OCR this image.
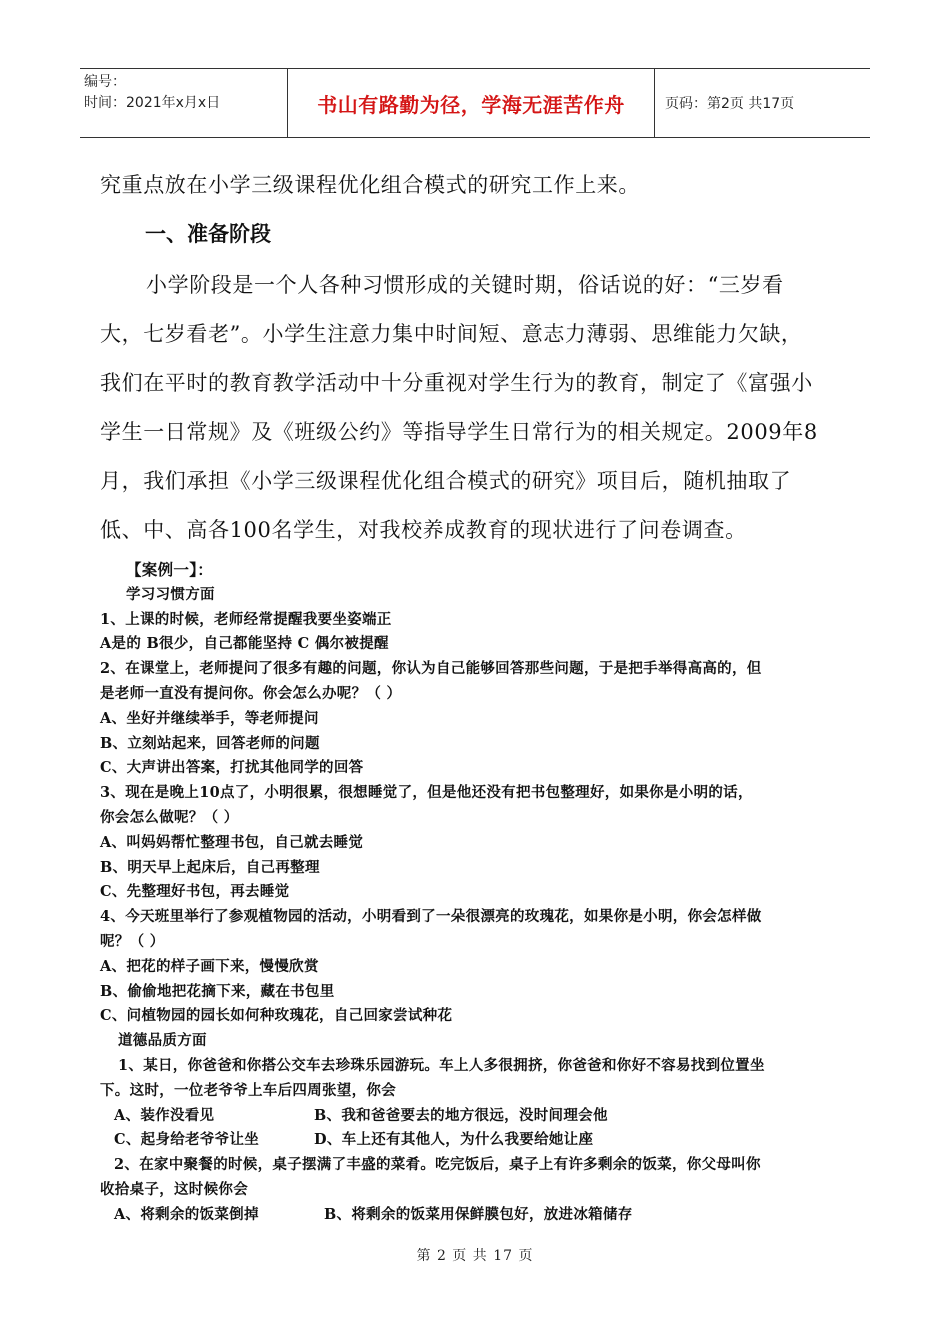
编号：
时间：2021年x月x日	书山有路勤为径，学海无涯苦作舟	页码：第2页 共17页

究重点放在小学三级课程优化组合模式的研究工作上来。

一、准备阶段

小学阶段是一个人各种习惯形成的关键时期，俗话说的好：“三岁看

大，七岁看老”。小学生注意力集中时间短、意志力薄弱、思维能力欠缺，

我们在平时的教育教学活动中十分重视对学生行为的教育，制定了《富强小

学生一日常规》及《班级公约》等指导学生日常行为的相关规定。2009年8

月，我们承担《小学三级课程优化组合模式的研究》项目后，随机抽取了

低、中、高各100名学生，对我校养成教育的现状进行了问卷调查。

【案例一】：

学习习惯方面

1、上课的时候，老师经常提醒我要坐姿端正

A是的 B很少，自己都能坚持 C 偶尔被提醒

2、在课堂上，老师提问了很多有趣的问题，你认为自己能够回答那些问题，于是把手举得高高的，但

是老师一直没有提问你。你会怎么办呢？（ ）

A、坐好并继续举手，等老师提问

B、立刻站起来，回答老师的问题

C、大声讲出答案，打扰其他同学的回答

3、现在是晚上10点了，小明很累，很想睡觉了，但是他还没有把书包整理好，如果你是小明的话，

你会怎么做呢？（ ）

A、叫妈妈帮忙整理书包，自己就去睡觉

B、明天早上起床后，自己再整理

C、先整理好书包，再去睡觉

4、今天班里举行了参观植物园的活动，小明看到了一朵很漂亮的玫瑰花，如果你是小明，你会怎样做

呢？（ ）

A、把花的样子画下来，慢慢欣赏

B、偷偷地把花摘下来，藏在书包里

C、问植物园的园长如何种玫瑰花，自己回家尝试种花

道德品质方面

1、某日，你爸爸和你搭公交车去珍珠乐园游玩。车上人多很拥挤，你爸爸和你好不容易找到位置坐

下。这时，一位老爷爷上车后四周张望，你会

A、装作没看见	B、我和爸爸要去的地方很远，没时间理会他

C、起身给老爷爷让坐	D、车上还有其他人，为什么我要给她让座

2、在家中聚餐的时候，桌子摆满了丰盛的菜肴。吃完饭后，桌子上有许多剩余的饭菜，你父母叫你

收拾桌子，这时候你会

A、将剩余的饭菜倒掉	B、将剩余的饭菜用保鲜膜包好，放进冰箱储存

第 2 页 共 17 页
